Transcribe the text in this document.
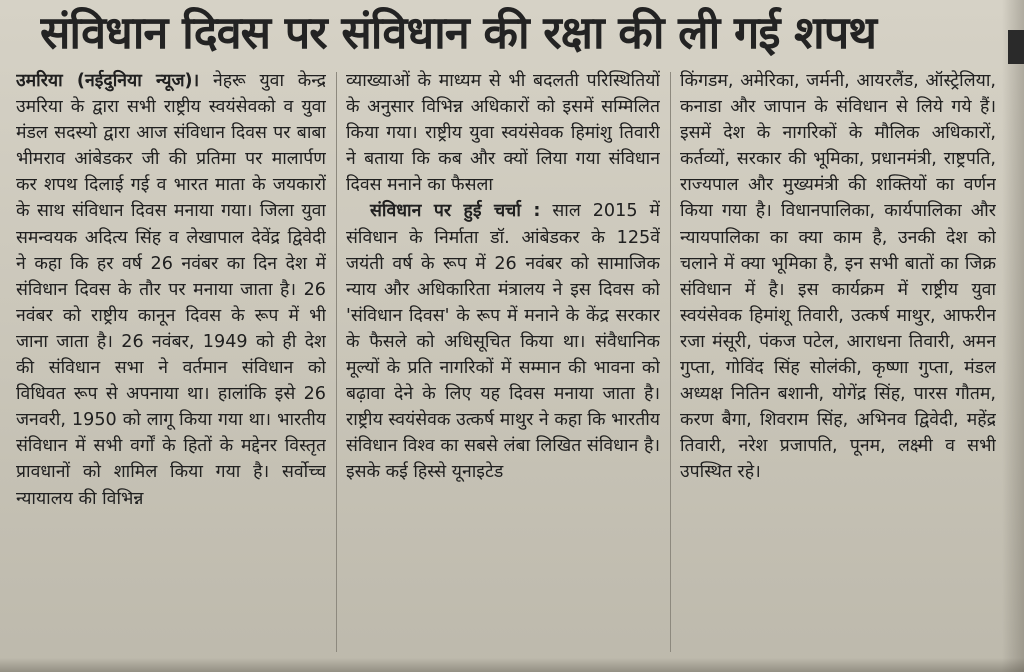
संविधान दिवस पर संविधान की रक्षा की ली गई शपथ

उमरिया (नईदुनिया न्यूज)। नेहरू युवा केन्द्र उमरिया के द्वारा सभी राष्ट्रीय स्वयंसेवको व युवा मंडल सदस्यो द्वारा आज संविधान दिवस पर बाबा भीमराव आंबेडकर जी की प्रतिमा पर मालार्पण कर शपथ दिलाई गई व भारत माता के जयकारों के साथ संविधान दिवस मनाया गया। जिला युवा समन्वयक अदित्य सिंह व लेखापाल देवेंद्र द्विवेदी ने कहा कि हर वर्ष 26 नवंबर का दिन देश में संविधान दिवस के तौर पर मनाया जाता है। 26 नवंबर को राष्ट्रीय कानून दिवस के रूप में भी जाना जाता है। 26 नवंबर, 1949 को ही देश की संविधान सभा ने वर्तमान संविधान को विधिवत रूप से अपनाया था। हालांकि इसे 26 जनवरी, 1950 को लागू किया गया था। भारतीय संविधान में सभी वर्गों के हितों के मद्देनर विस्तृत प्रावधानों को शामिल किया गया है। सर्वोच्च न्यायालय की विभिन्न

व्याख्याओं के माध्यम से भी बदलती परिस्थितियों के अनुसार विभिन्न अधिकारों को इसमें सम्मिलित किया गया। राष्ट्रीय युवा स्वयंसेवक हिमांशु तिवारी ने बताया कि कब और क्यों लिया गया संविधान दिवस मनाने का फैसला

संविधान पर हुई चर्चा : साल 2015 में संविधान के निर्माता डॉ. आंबेडकर के 125वें जयंती वर्ष के रूप में 26 नवंबर को सामाजिक न्याय और अधिकारिता मंत्रालय ने इस दिवस को 'संविधान दिवस' के रूप में मनाने के केंद्र सरकार के फैसले को अधिसूचित किया था। संवैधानिक मूल्यों के प्रति नागरिकों में सम्मान की भावना को बढ़ावा देने के लिए यह दिवस मनाया जाता है। राष्ट्रीय स्वयंसेवक उत्कर्ष माथुर ने कहा कि भारतीय संविधान विश्व का सबसे लंबा लिखित संविधान है। इसके कई हिस्से यूनाइटेड

किंगडम, अमेरिका, जर्मनी, आयरलैंड, ऑस्ट्रेलिया, कनाडा और जापान के संविधान से लिये गये हैं। इसमें देश के नागरिकों के मौलिक अधिकारों, कर्तव्यों, सरकार की भूमिका, प्रधानमंत्री, राष्ट्रपति, राज्यपाल और मुख्यमंत्री की शक्तियों का वर्णन किया गया है। विधानपालिका, कार्यपालिका और न्यायपालिका का क्या काम है, उनकी देश को चलाने में क्या भूमिका है, इन सभी बातों का जिक्र संविधान में है। इस कार्यक्रम में राष्ट्रीय युवा स्वयंसेवक हिमांशू तिवारी, उत्कर्ष माथुर, आफरीन रजा मंसूरी, पंकज पटेल, आराधना तिवारी, अमन गुप्ता, गोविंद सिंह सोलंकी, कृष्णा गुप्ता, मंडल अध्यक्ष नितिन बशानी, योगेंद्र सिंह, पारस गौतम, करण बैगा, शिवराम सिंह, अभिनव द्विवेदी, महेंद्र तिवारी, नरेश प्रजापति, पूनम, लक्ष्मी व सभी उपस्थित रहे।
